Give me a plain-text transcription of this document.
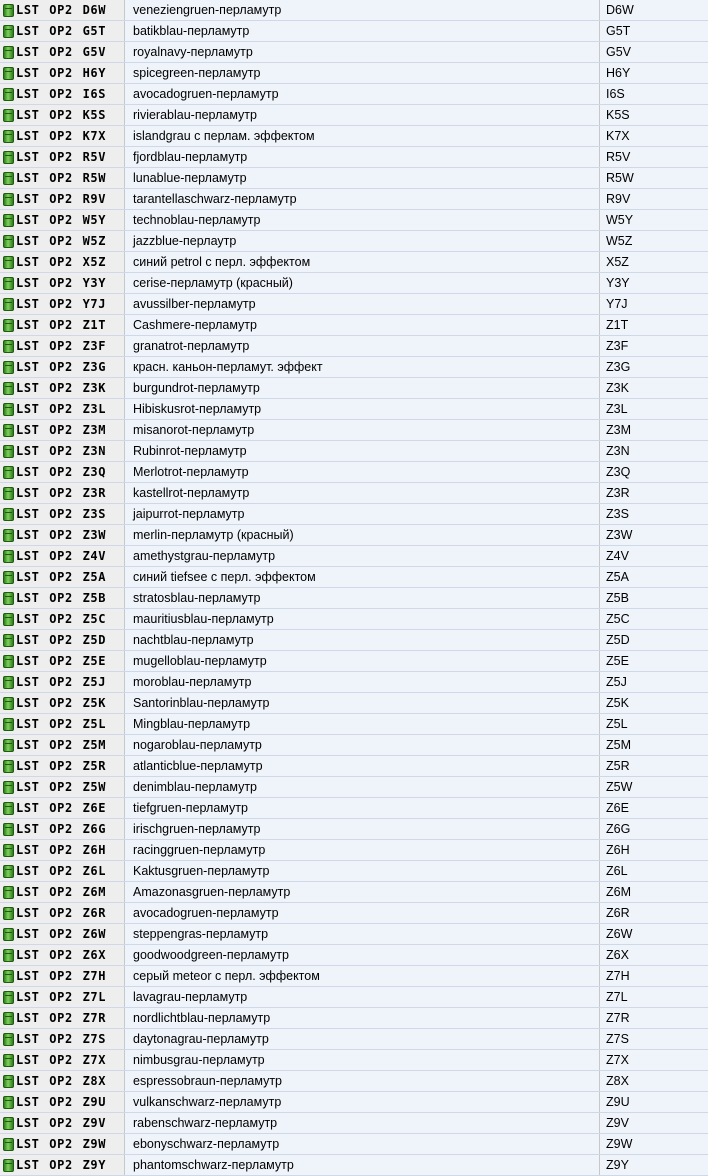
LST OP2 D6W	veneziengruen-перламутр	D6W

LST OP2 G5T	batikblau-перламутр	G5T

LST OP2 G5V	royalnavy-перламутр	G5V

LST OP2 H6Y	spicegreen-перламутр	H6Y

LST OP2 I6S	avocadogruen-перламутр	I6S

LST OP2 K5S	rivierablau-перламутр	K5S

LST OP2 K7X	islandgrau с перлам. эффектом	K7X

LST OP2 R5V	fjordblau-перламутр	R5V

LST OP2 R5W	lunablue-перламутр	R5W

LST OP2 R9V	tarantellaschwarz-перламутр	R9V

LST OP2 W5Y	technoblau-перламутр	W5Y

LST OP2 W5Z	jazzblue-перлаутр	W5Z

LST OP2 X5Z	синий petrol с перл. эффектом	X5Z

LST OP2 Y3Y	cerise-перламутр (красный)	Y3Y

LST OP2 Y7J	avussilber-перламутр	Y7J

LST OP2 Z1T	Cashmere-перламутр	Z1T

LST OP2 Z3F	granatrot-перламутр	Z3F

LST OP2 Z3G	красн. каньон-перламут. эффект	Z3G

LST OP2 Z3K	burgundrot-перламутр	Z3K

LST OP2 Z3L	Hibiskusrot-перламутр	Z3L

LST OP2 Z3M	misanorot-перламутр	Z3M

LST OP2 Z3N	Rubinrot-перламутр	Z3N

LST OP2 Z3Q	Merlotrot-перламутр	Z3Q

LST OP2 Z3R	kastellrot-перламутр	Z3R

LST OP2 Z3S	jaipurrot-перламутр	Z3S

LST OP2 Z3W	merlin-перламутр (красный)	Z3W

LST OP2 Z4V	amethystgrau-перламутр	Z4V

LST OP2 Z5A	синий tiefsee с перл. эффектом	Z5A

LST OP2 Z5B	stratosblau-перламутр	Z5B

LST OP2 Z5C	mauritiusblau-перламутр	Z5C

LST OP2 Z5D	nachtblau-перламутр	Z5D

LST OP2 Z5E	mugelloblau-перламутр	Z5E

LST OP2 Z5J	moroblau-перламутр	Z5J

LST OP2 Z5K	Santorinblau-перламутр	Z5K

LST OP2 Z5L	Mingblau-перламутр	Z5L

LST OP2 Z5M	nogaroblau-перламутр	Z5M

LST OP2 Z5R	atlanticblue-перламутр	Z5R

LST OP2 Z5W	denimblau-перламутр	Z5W

LST OP2 Z6E	tiefgruen-перламутр	Z6E

LST OP2 Z6G	irischgruen-перламутр	Z6G

LST OP2 Z6H	racinggruen-перламутр	Z6H

LST OP2 Z6L	Kaktusgruen-перламутр	Z6L

LST OP2 Z6M	Amazonasgruen-перламутр	Z6M

LST OP2 Z6R	avocadogruen-перламутр	Z6R

LST OP2 Z6W	steppengras-перламутр	Z6W

LST OP2 Z6X	goodwoodgreen-перламутр	Z6X

LST OP2 Z7H	серый meteor с перл. эффектом	Z7H

LST OP2 Z7L	lavagrau-перламутр	Z7L

LST OP2 Z7R	nordlichtblau-перламутр	Z7R

LST OP2 Z7S	daytonagrau-перламутр	Z7S

LST OP2 Z7X	nimbusgrau-перламутр	Z7X

LST OP2 Z8X	espressobraun-перламутр	Z8X

LST OP2 Z9U	vulkanschwarz-перламутр	Z9U

LST OP2 Z9V	rabenschwarz-перламутр	Z9V

LST OP2 Z9W	ebonyschwarz-перламутр	Z9W

LST OP2 Z9Y	phantomschwarz-перламутр	Z9Y
